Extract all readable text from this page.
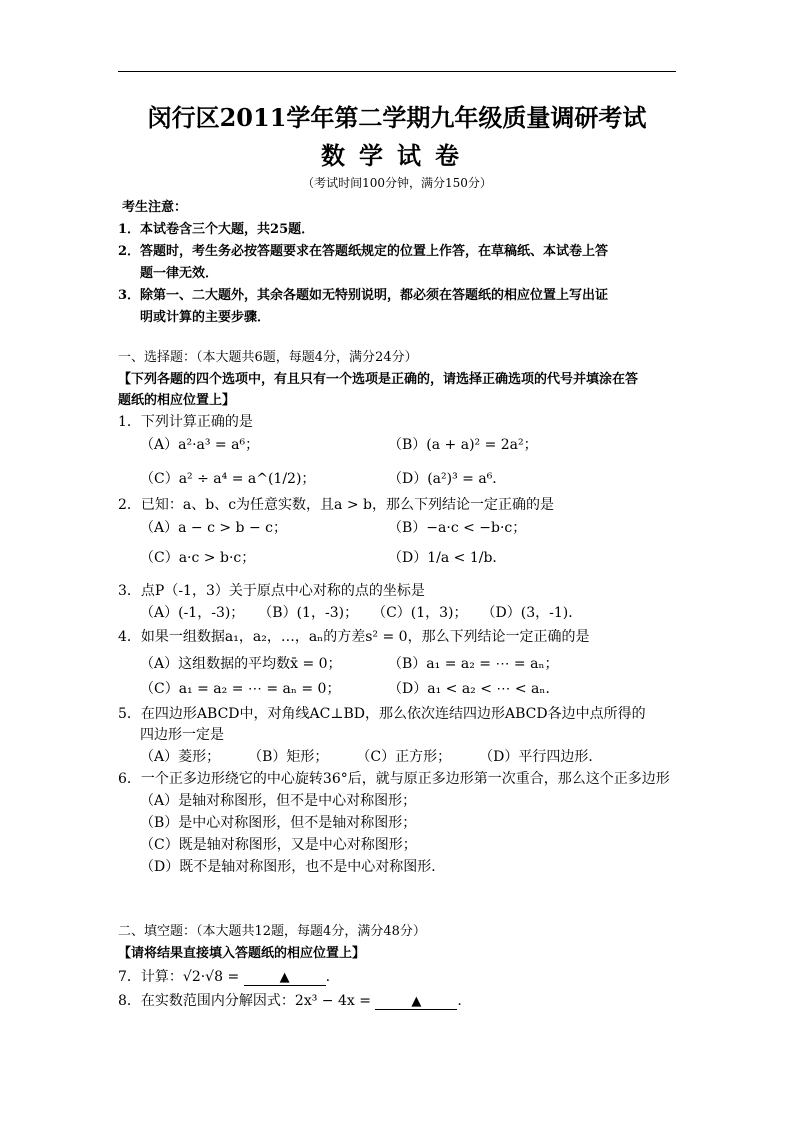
闵行区2011学年第二学期九年级质量调研考试
数学试卷
（考试时间100分钟，满分150分）
考生注意：
1．本试卷含三个大题，共25题．
2．答题时，考生务必按答题要求在答题纸规定的位置上作答，在草稿纸、本试卷上答
题一律无效．
3．除第一、二大题外，其余各题如无特别说明，都必须在答题纸的相应位置上写出证
明或计算的主要步骤．
一、选择题：（本大题共6题，每题4分，满分24分）
【下列各题的四个选项中，有且只有一个选项是正确的，请选择正确选项的代号并填涂在答
题纸的相应位置上】
1．下列计算正确的是
（A）a²·a³ = a⁶；	（B）(a + a)² = 2a²；
（C）a² ÷ a⁴ = a^(1/2)；	（D）(a²)³ = a⁶．
2．已知：a、b、c为任意实数，且a > b，那么下列结论一定正确的是
（A）a − c > b − c；	（B）−a·c < −b·c；
（C）a·c > b·c；	（D）1/a < 1/b．
3．点P（-1，3）关于原点中心对称的点的坐标是
（A）(-1，-3)；　　（B）(1，-3)；　　（C）(1，3)；　　（D）(3，-1)．
4．如果一组数据a₁，a₂，…，aₙ的方差s² = 0，那么下列结论一定正确的是
（A）这组数据的平均数x̄ = 0；	（B）a₁ = a₂ = ⋯ = aₙ；
（C）a₁ = a₂ = ⋯ = aₙ = 0；	（D）a₁ < a₂ < ⋯ < aₙ．
5．在四边形ABCD中，对角线AC⊥BD，那么依次连结四边形ABCD各边中点所得的
四边形一定是
（A）菱形；　　　（B）矩形；　　　（C）正方形；　　　（D）平行四边形．
6．一个正多边形绕它的中心旋转36°后，就与原正多边形第一次重合，那么这个正多边形
（A）是轴对称图形，但不是中心对称图形；
（B）是中心对称图形，但不是轴对称图形；
（C）既是轴对称图形，又是中心对称图形；
（D）既不是轴对称图形，也不是中心对称图形．
二、填空题：（本大题共12题，每题4分，满分48分）
【请将结果直接填入答题纸的相应位置上】
7．计算：√2·√8 =	▲	.
8．在实数范围内分解因式：2x³ − 4x =	▲	.
